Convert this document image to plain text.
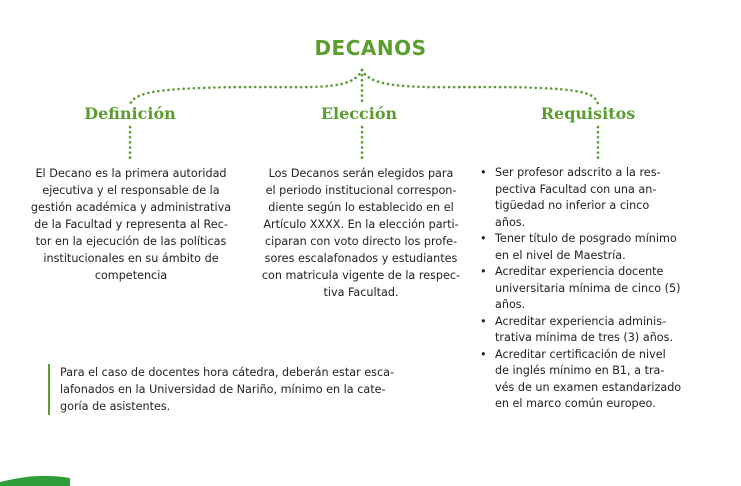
DECANOS
Definición	Elección	Requisitos
El Decano es la primera autoridad
ejecutiva y el responsable de la
gestión académica y administrativa
de la Facultad y representa al Rec-
tor en la ejecución de las políticas
institucionales en su ámbito de
competencia
Los Decanos serán elegidos para
el periodo institucional correspon-
diente según lo establecido en el
Artículo XXXX. En la elección parti-
ciparan con voto directo los profe-
sores escalafonados y estudiantes
con matricula vigente de la respec-
tiva Facultad.
• Ser profesor adscrito a la res-
pectiva Facultad con una an-
tigüedad no inferior a cinco
años.
• Tener título de posgrado mínimo
en el nivel de Maestría.
• Acreditar experiencia docente
universitaria mínima de cinco (5)
años.
• Acreditar experiencia adminis-
trativa mínima de tres (3) años.
• Acreditar certificación de nivel
de inglés mínimo en B1, a tra-
vés de un examen estandarizado
en el marco común europeo.
Para el caso de docentes hora cátedra, deberán estar esca-
lafonados en la Universidad de Nariño, mínimo en la cate-
goría de asistentes.
